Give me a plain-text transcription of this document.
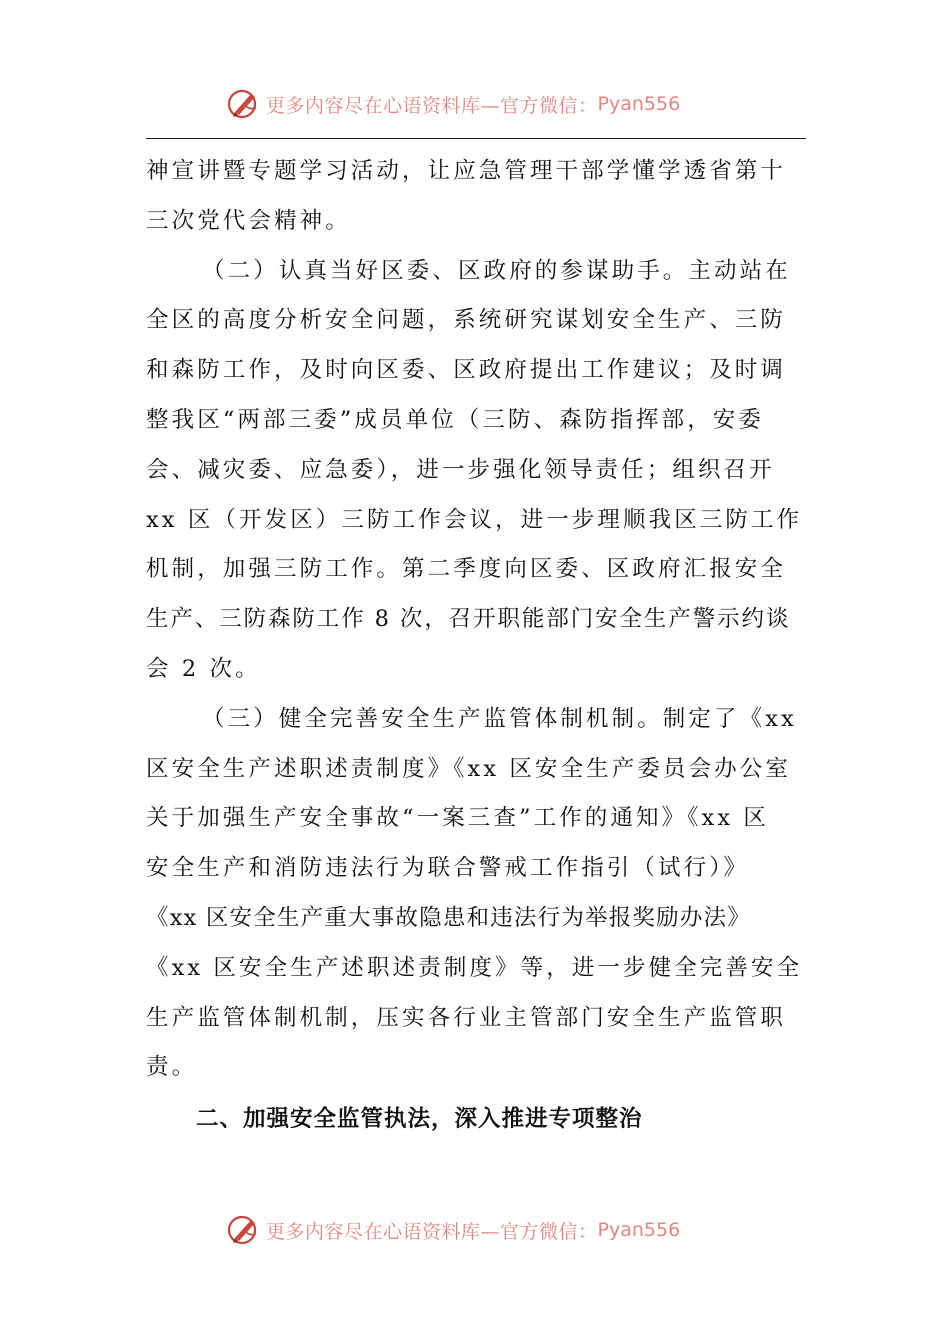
更多内容尽在心语资料库—官方微信： Pyan556
神宣讲暨专题学习活动，让应急管理干部学懂学透省第十
三次党代会精神。
（二）认真当好区委、区政府的参谋助手。主动站在
全区的高度分析安全问题，系统研究谋划安全生产、三防
和森防工作，及时向区委、区政府提出工作建议；及时调
整我区“两部三委”成员单位（三防、森防指挥部，安委
会、减灾委、应急委），进一步强化领导责任；组织召开
xx 区（开发区）三防工作会议，进一步理顺我区三防工作
机制，加强三防工作。第二季度向区委、区政府汇报安全
生产、三防森防工作 8 次，召开职能部门安全生产警示约谈
会 2 次。
（三）健全完善安全生产监管体制机制。制定了《xx
区安全生产述职述责制度》《xx 区安全生产委员会办公室
关于加强生产安全事故“一案三查”工作的通知》《xx 区
安全生产和消防违法行为联合警戒工作指引（试行）》
《xx 区安全生产重大事故隐患和违法行为举报奖励办法》
《xx 区安全生产述职述责制度》等，进一步健全完善安全
生产监管体制机制，压实各行业主管部门安全生产监管职
责。
二、加强安全监管执法，深入推进专项整治
更多内容尽在心语资料库—官方微信： Pyan556
